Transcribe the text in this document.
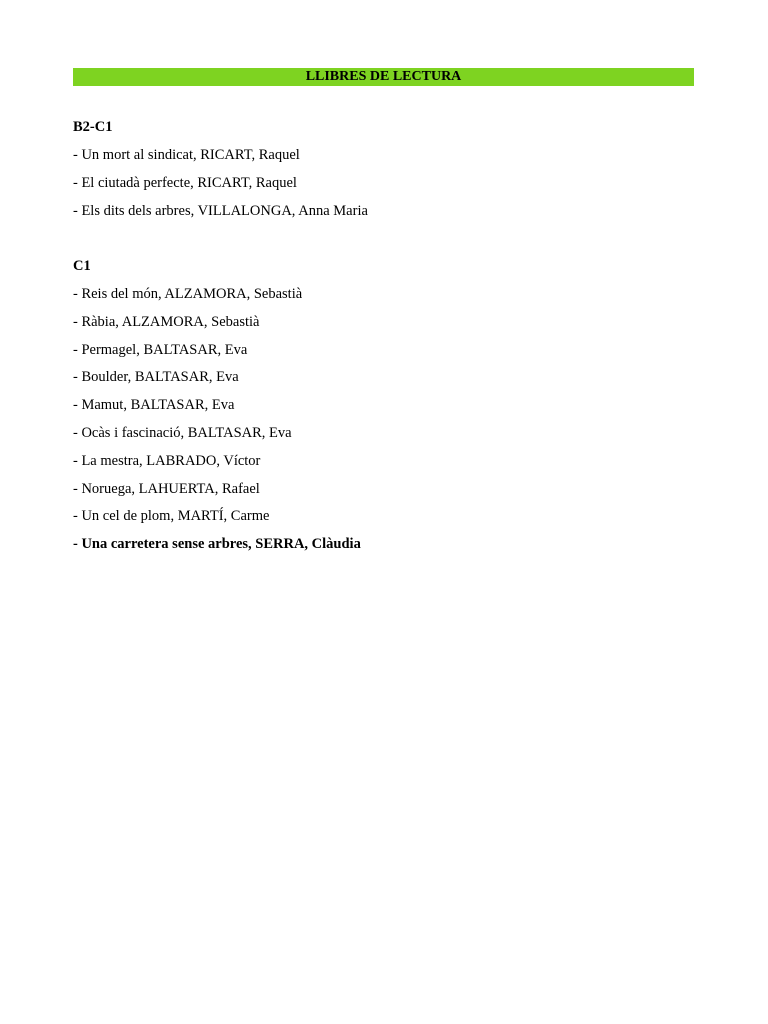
LLIBRES DE LECTURA
B2-C1
- Un mort al sindicat, RICART, Raquel
- El ciutadà perfecte, RICART, Raquel
- Els dits dels arbres, VILLALONGA, Anna Maria
C1
- Reis del món, ALZAMORA, Sebastià
- Ràbia, ALZAMORA, Sebastià
- Permagel, BALTASAR, Eva
- Boulder, BALTASAR, Eva
- Mamut, BALTASAR, Eva
- Ocàs i fascinació, BALTASAR, Eva
- La mestra, LABRADO, Víctor
- Noruega, LAHUERTA, Rafael
- Un cel de plom, MARTÍ, Carme
- Una carretera sense arbres, SERRA, Clàudia
